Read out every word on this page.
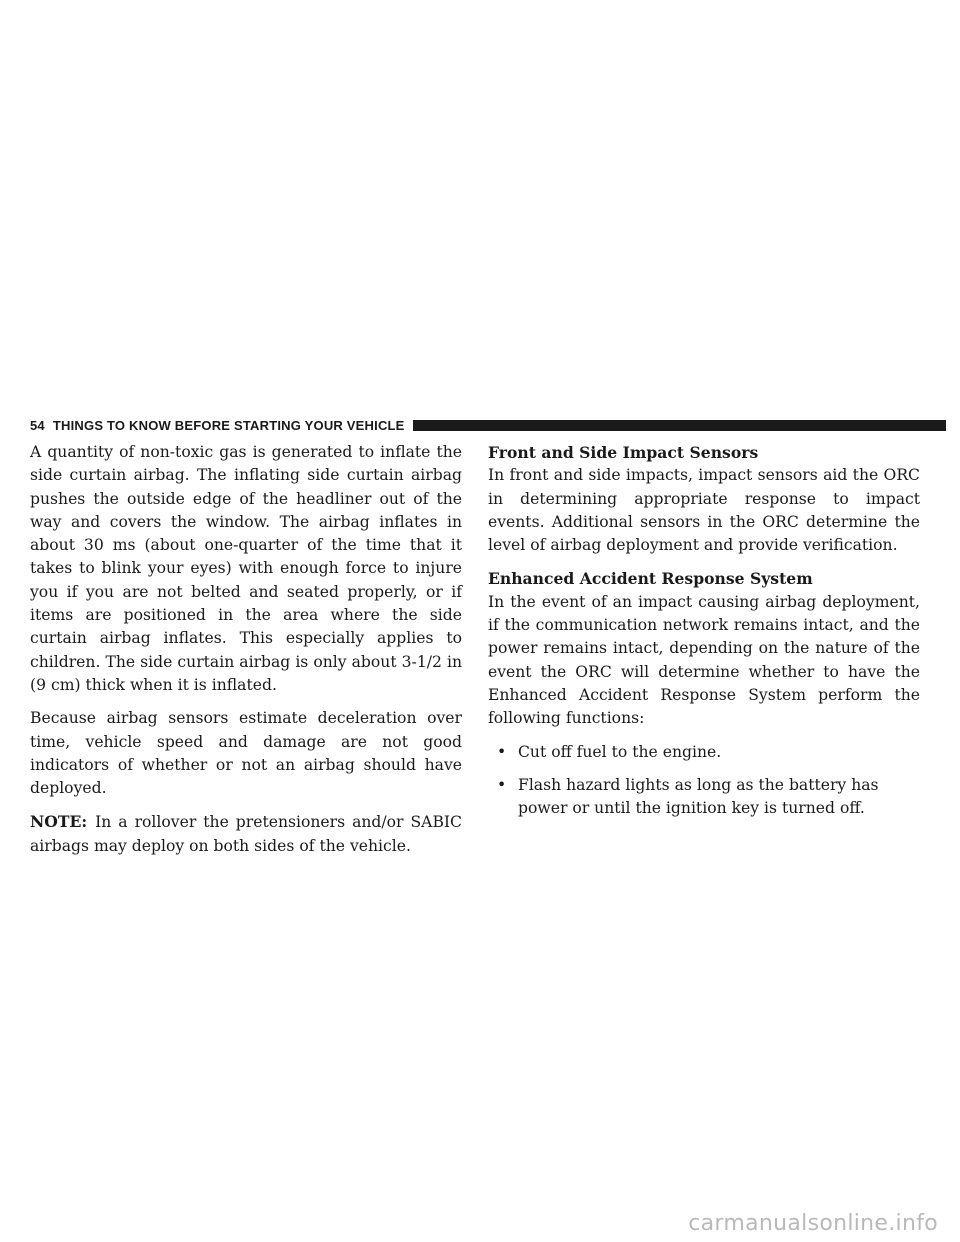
54 THINGS TO KNOW BEFORE STARTING YOUR VEHICLE

A quantity of non-toxic gas is generated to inflate the side curtain airbag. The inflating side curtain airbag pushes the outside edge of the headliner out of the way and covers the window. The airbag inflates in about 30 ms (about one-quarter of the time that it takes to blink your eyes) with enough force to injure you if you are not belted and seated properly, or if items are positioned in the area where the side curtain airbag inflates. This especially applies to children. The side curtain airbag is only about 3-1/2 in (9 cm) thick when it is inflated.

Because airbag sensors estimate deceleration over time, vehicle speed and damage are not good indicators of whether or not an airbag should have deployed.

NOTE: In a rollover the pretensioners and/or SABIC airbags may deploy on both sides of the vehicle.

Front and Side Impact Sensors

In front and side impacts, impact sensors aid the ORC in determining appropriate response to impact events. Additional sensors in the ORC determine the level of airbag deployment and provide verification.

Enhanced Accident Response System

In the event of an impact causing airbag deployment, if the communication network remains intact, and the power remains intact, depending on the nature of the event the ORC will determine whether to have the Enhanced Accident Response System perform the following functions:

• Cut off fuel to the engine.
• Flash hazard lights as long as the battery has power or until the ignition key is turned off.
carmanualsonline.info
